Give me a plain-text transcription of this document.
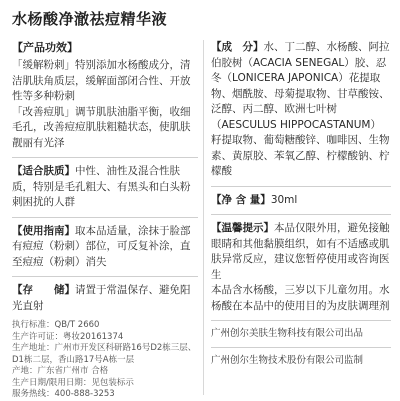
水杨酸净澈祛痘精华液
【产品功效】

「缓解粉刺」特别添加水杨酸成分，清洁肌肤角质层，缓解面部闭合性、开放性等多种粉刺

「改善痘肌」调节肌肤油脂平衡，收细毛孔，改善痘痘肌肤粗糙状态，使肌肤靓丽有光泽

【适合肤质】中性、油性及混合性肤质，特别是毛孔粗大、有黑头和白头粉刺困扰的人群

【使用指南】取本品适量，涂抹于脸部有痘痘（粉刺）部位，可反复补涂，直至痘痘（粉刺）消失

【存　　储】请置于常温保存、避免阳光直射

执行标准：QB/T 2660

生产许可证：粤妆20161374

生产地址：广州市开发区科研路16号D2栋三层、D1栋二层，香山路17号A栋一层

产地：广东省广州市 合格

生产日期/限用日期：见包装标示

服务热线：400-888-3253

【成　分】水、丁二醇、水杨酸、阿拉伯胶树（ACACIA SENEGAL）胶、忍冬（LONICERA JAPONICA）花提取物、烟酰胺、母菊提取物、甘草酸铵、泛醇、丙二醇、欧洲七叶树（AESCULUS HIPPOCASTANUM）籽提取物、葡萄糖酸锌、咖啡因、生物素、黄原胶、苯氧乙醇、柠檬酸钠、柠檬酸

【净 含 量】30ml

【温馨提示】本品仅限外用，避免接触眼睛和其他黏膜组织，如有不适感或肌肤异常反应，建议您暂停使用或咨询医生

本品含水杨酸，三岁以下儿童勿用。水杨酸在本品中的使用目的为皮肤调理剂

广州创尔美肤生物科技有限公司出品

广州创尔生物技术股份有限公司监制
